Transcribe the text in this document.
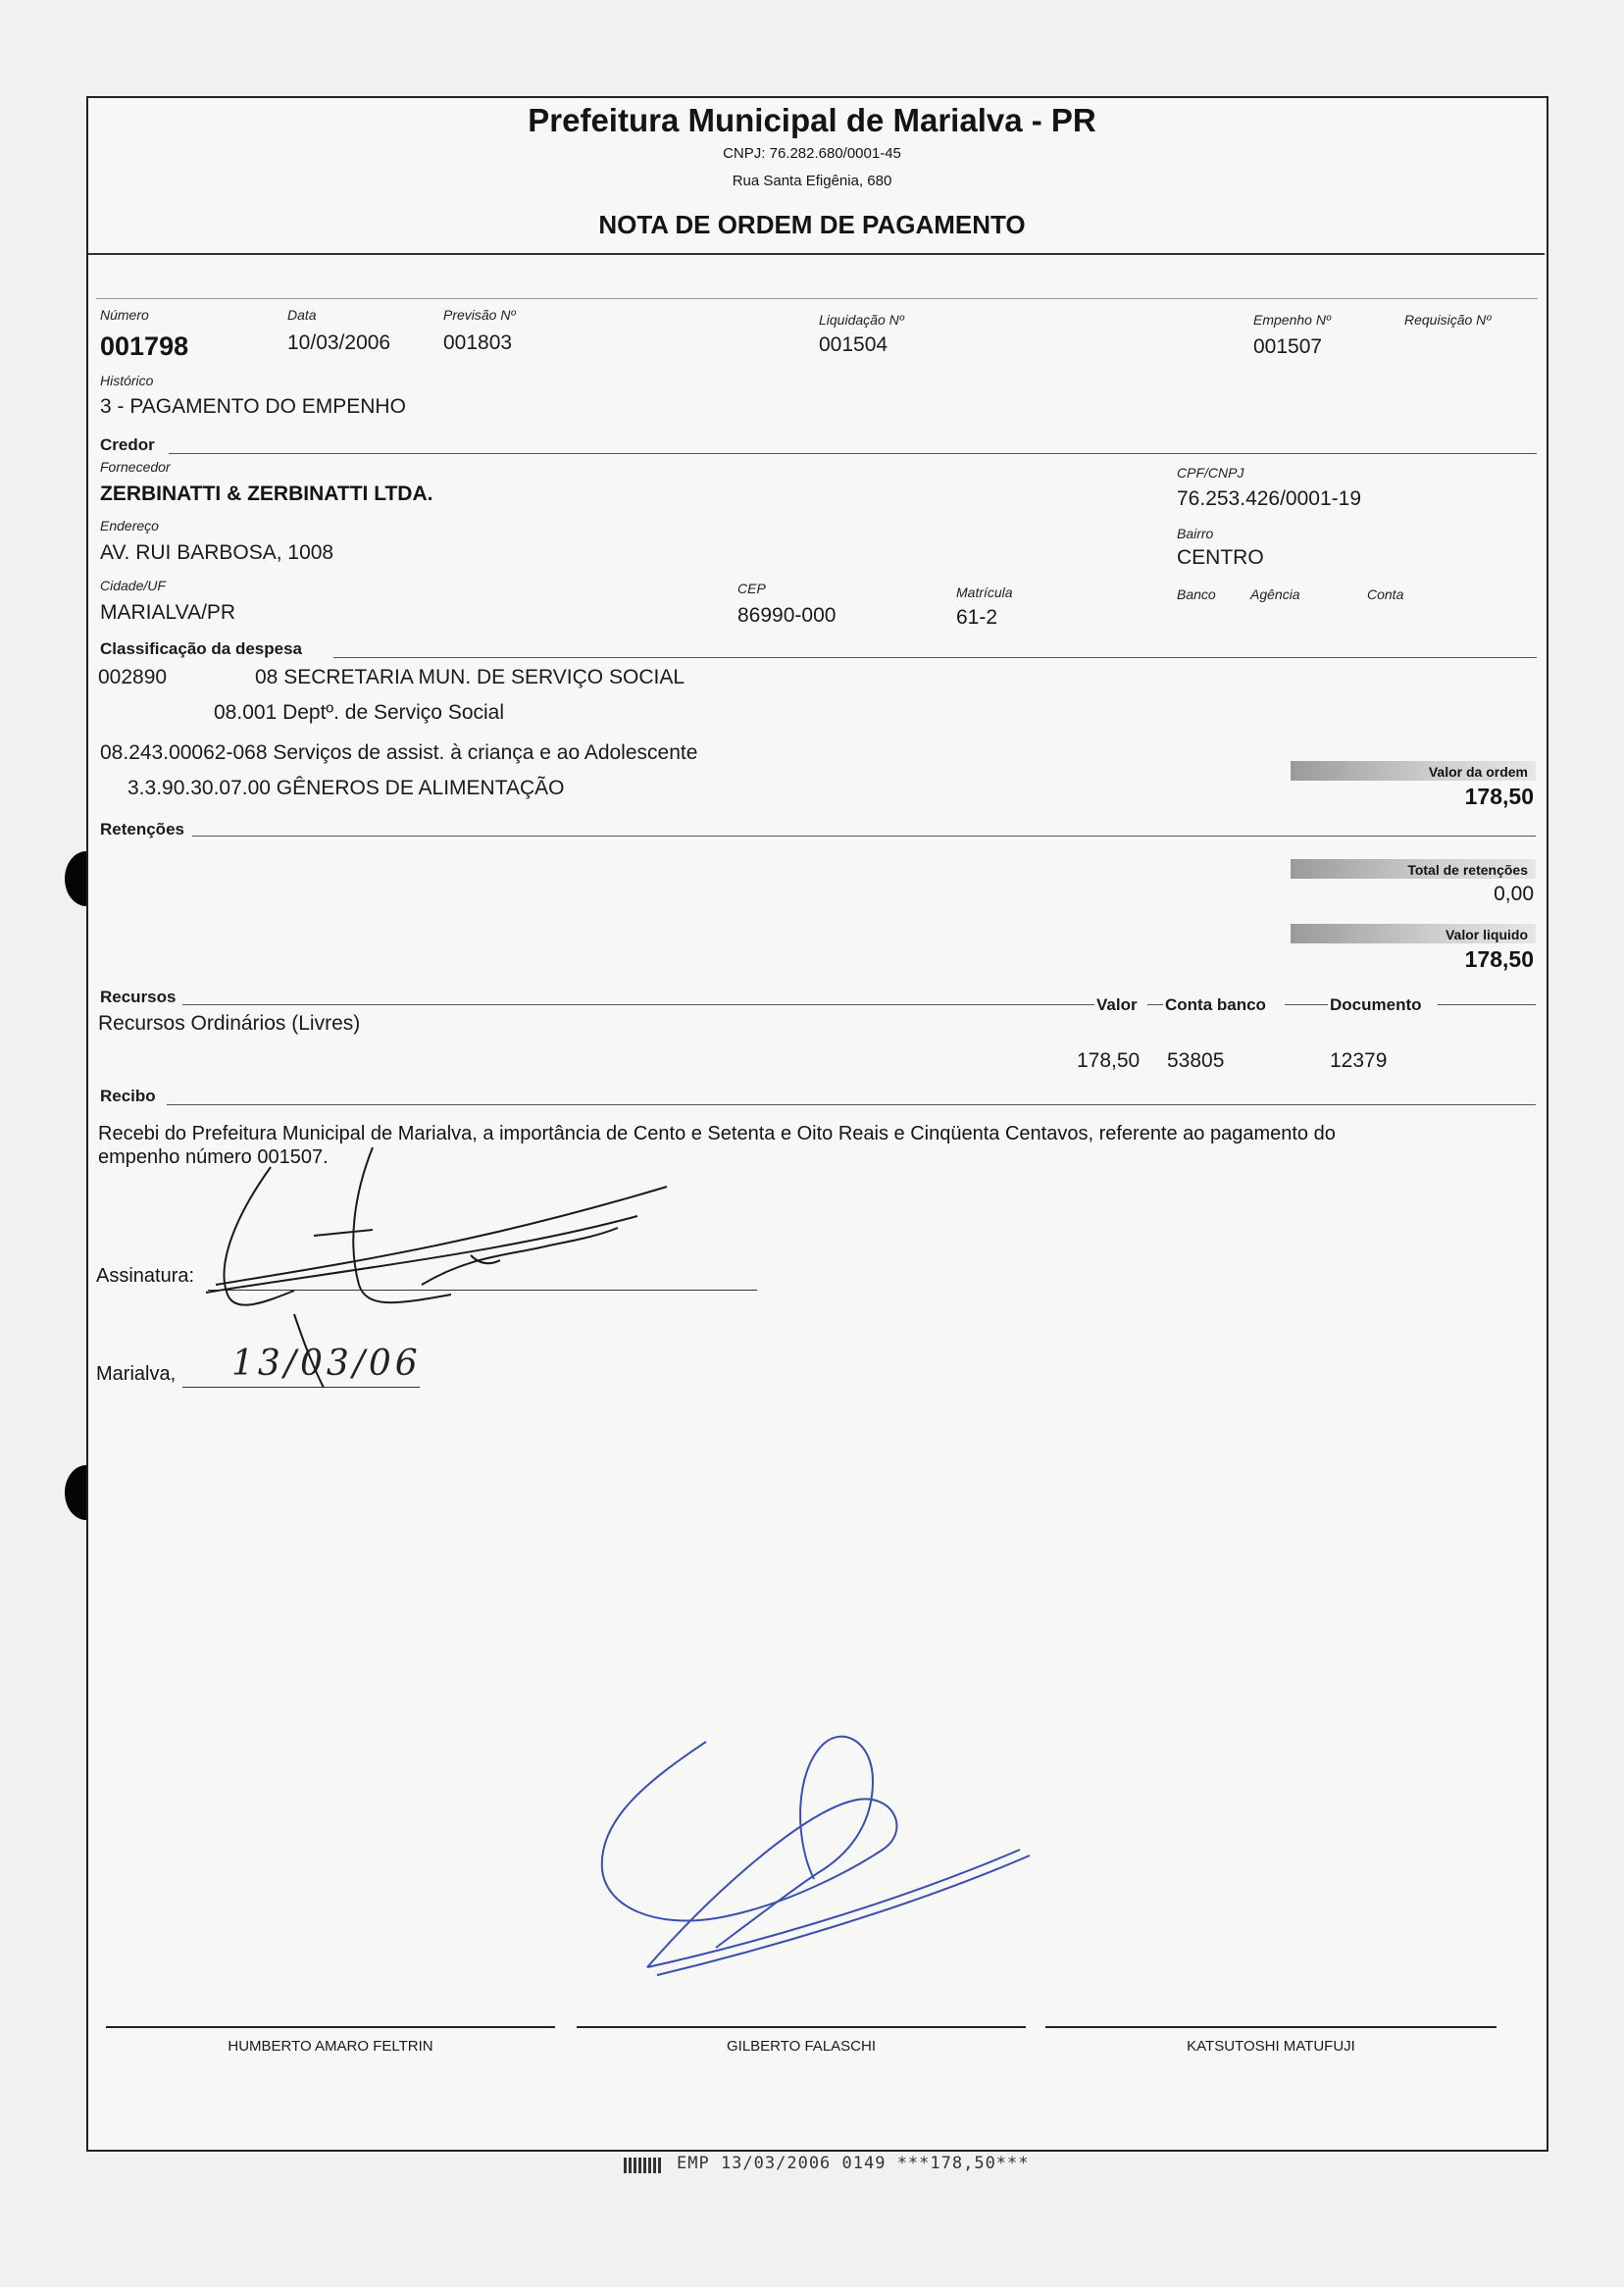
Prefeitura Municipal de Marialva - PR
CNPJ: 76.282.680/0001-45
Rua Santa Efigênia, 680
NOTA DE ORDEM DE PAGAMENTO
Número
001798
Data
10/03/2006
Previsão Nº
001803
Liquidação Nº
001504
Empenho Nº
001507
Requisição Nº
Histórico
3 - PAGAMENTO DO EMPENHO
Credor
Fornecedor
ZERBINATTI & ZERBINATTI LTDA.
CPF/CNPJ
76.253.426/0001-19
Endereço
AV. RUI BARBOSA, 1008
Bairro
CENTRO
Cidade/UF
MARIALVA/PR
CEP
86990-000
Matrícula
61-2
Banco	Agência	Conta
Classificação da despesa
002890	08 SECRETARIA MUN. DE SERVIÇO SOCIAL
08.001 Deptº. de Serviço Social
08.243.00062-068 Serviços de assist. à criança e ao Adolescente
3.3.90.30.07.00 GÊNEROS DE ALIMENTAÇÃO
Valor da ordem
178,50
Retenções
Total de retenções
0,00
Valor liquido
178,50
Recursos	Valor Conta banco	Documento
Recursos Ordinários (Livres)
178,50 53805	12379
Recibo
Recebi do Prefeitura Municipal de Marialva, a importância de Cento e Setenta e Oito Reais e Cinqüenta Centavos, referente ao pagamento do
empenho número 001507.
Assinatura:
Marialva, 13/03/06
HUMBERTO AMARO FELTRIN	GILBERTO FALASCHI	KATSUTOSHI MATUFUJI
EMP 13/03/2006 0149 ***178,50***
